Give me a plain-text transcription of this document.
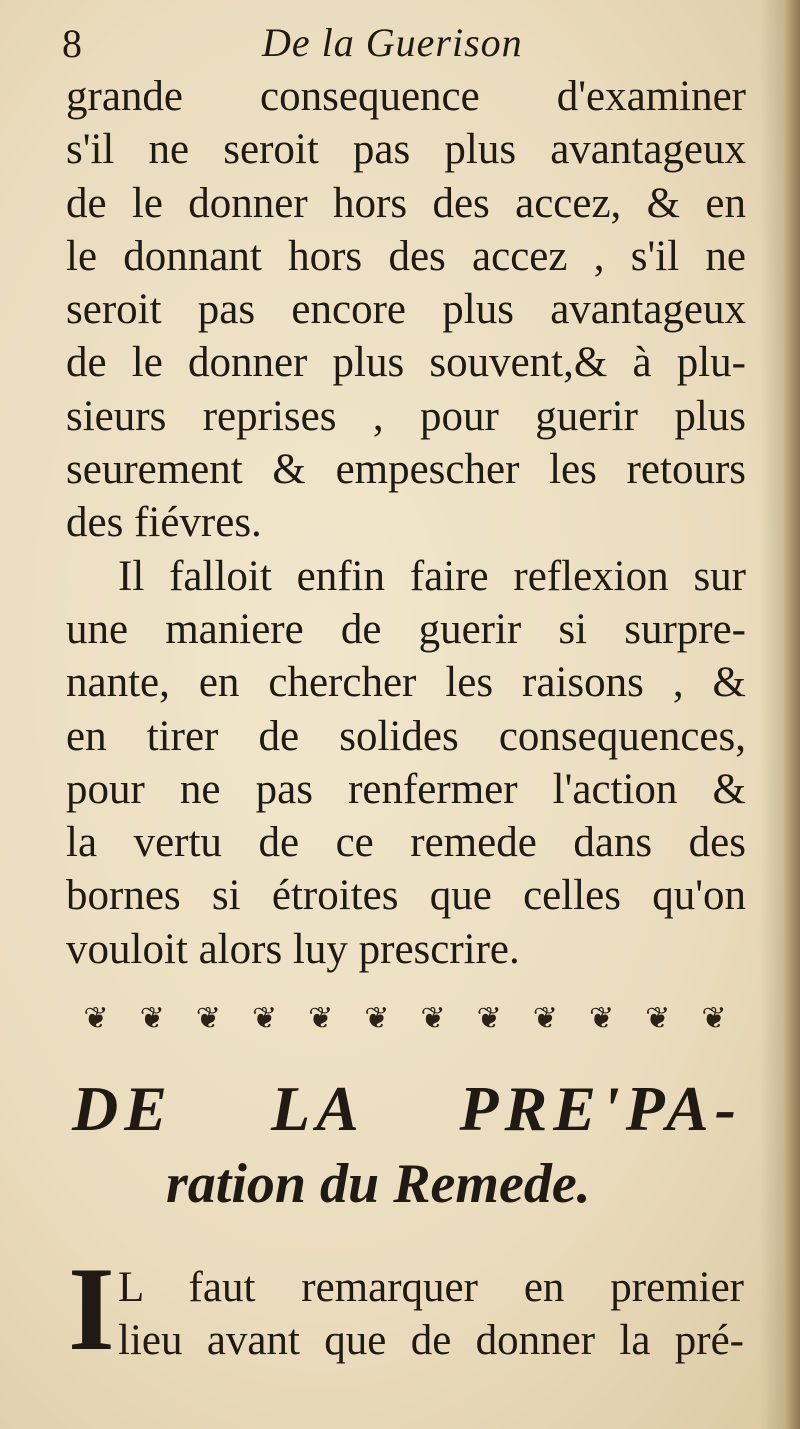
8	De la Guerison
grande consequence d'examiner
s'il ne seroit pas plus avantageux
de le donner hors des accez, & en
le donnant hors des accez , s'il ne
seroit pas encore plus avantageux
de le donner plus souvent,& à plu-
sieurs reprises , pour guerir plus
seurement & empescher les retours
des fiévres.
Il falloit enfin faire reflexion sur
une maniere de guerir si surpre-
nante, en chercher les raisons , &
en tirer de solides consequences,
pour ne pas renfermer l'action &
la vertu de ce remede dans des
bornes si étroites que celles qu'on
vouloit alors luy prescrire.
❦	❦	❦	❦	❦	❦	❦	❦	❦	❦	❦	❦
DE LA PRE'PA-
ration du Remede.
I L faut remarquer en premier
lieu avant que de donner la pré-
